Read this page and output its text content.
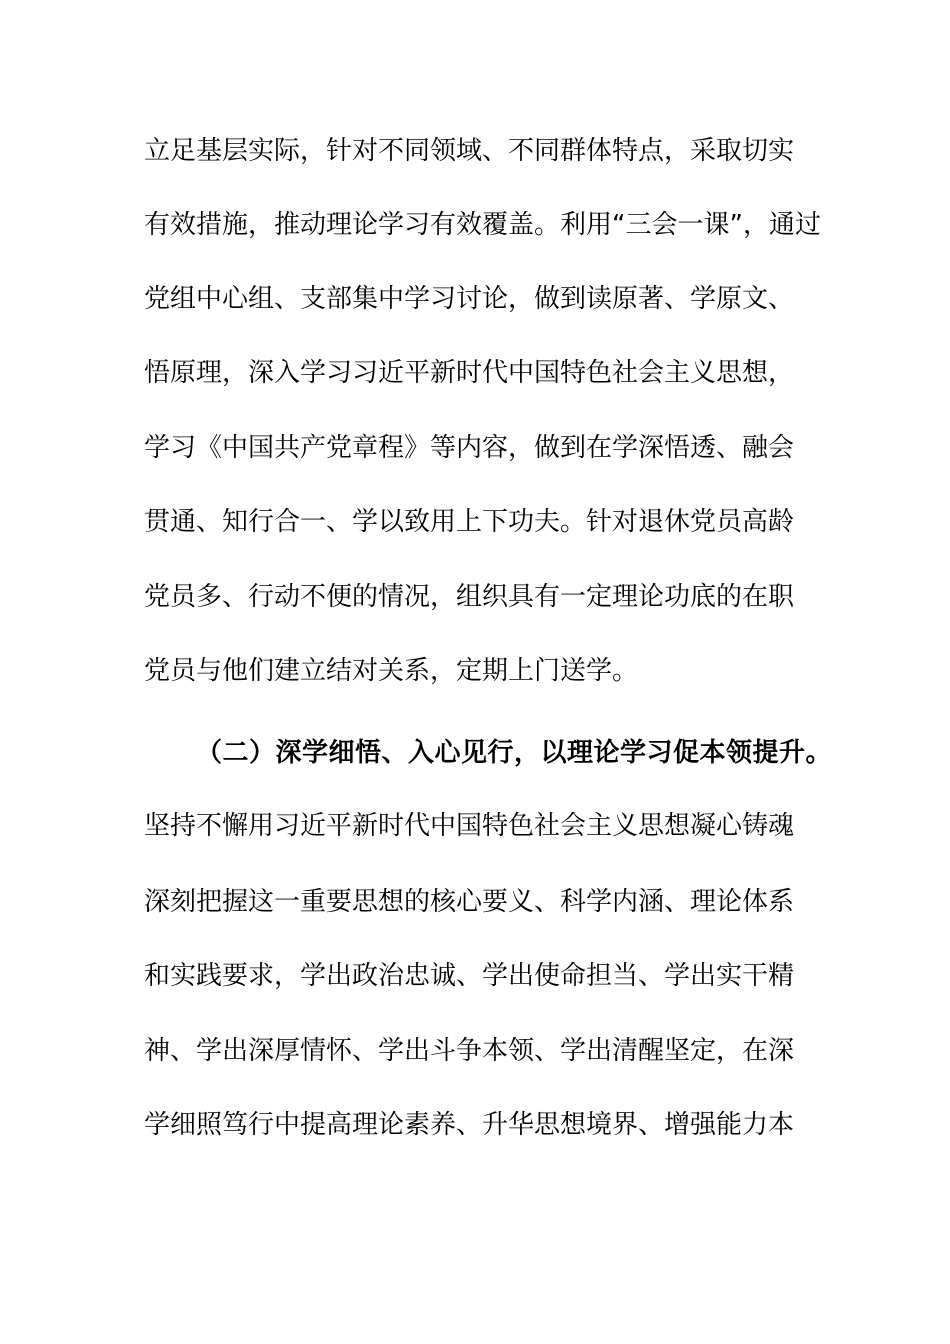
立足基层实际，针对不同领域、不同群体特点，采取切实
有效措施，推动理论学习有效覆盖。利用“三会一课”，通过
党组中心组、支部集中学习讨论，做到读原著、学原文、
悟原理，深入学习习近平新时代中国特色社会主义思想，
学习《中国共产党章程》等内容，做到在学深悟透、融会
贯通、知行合一、学以致用上下功夫。针对退休党员高龄
党员多、行动不便的情况，组织具有一定理论功底的在职
党员与他们建立结对关系，定期上门送学。
（二）深学细悟、入心见行，以理论学习促本领提升。
坚持不懈用习近平新时代中国特色社会主义思想凝心铸魂
深刻把握这一重要思想的核心要义、科学内涵、理论体系
和实践要求，学出政治忠诚、学出使命担当、学出实干精
神、学出深厚情怀、学出斗争本领、学出清醒坚定，在深
学细照笃行中提高理论素养、升华思想境界、增强能力本
